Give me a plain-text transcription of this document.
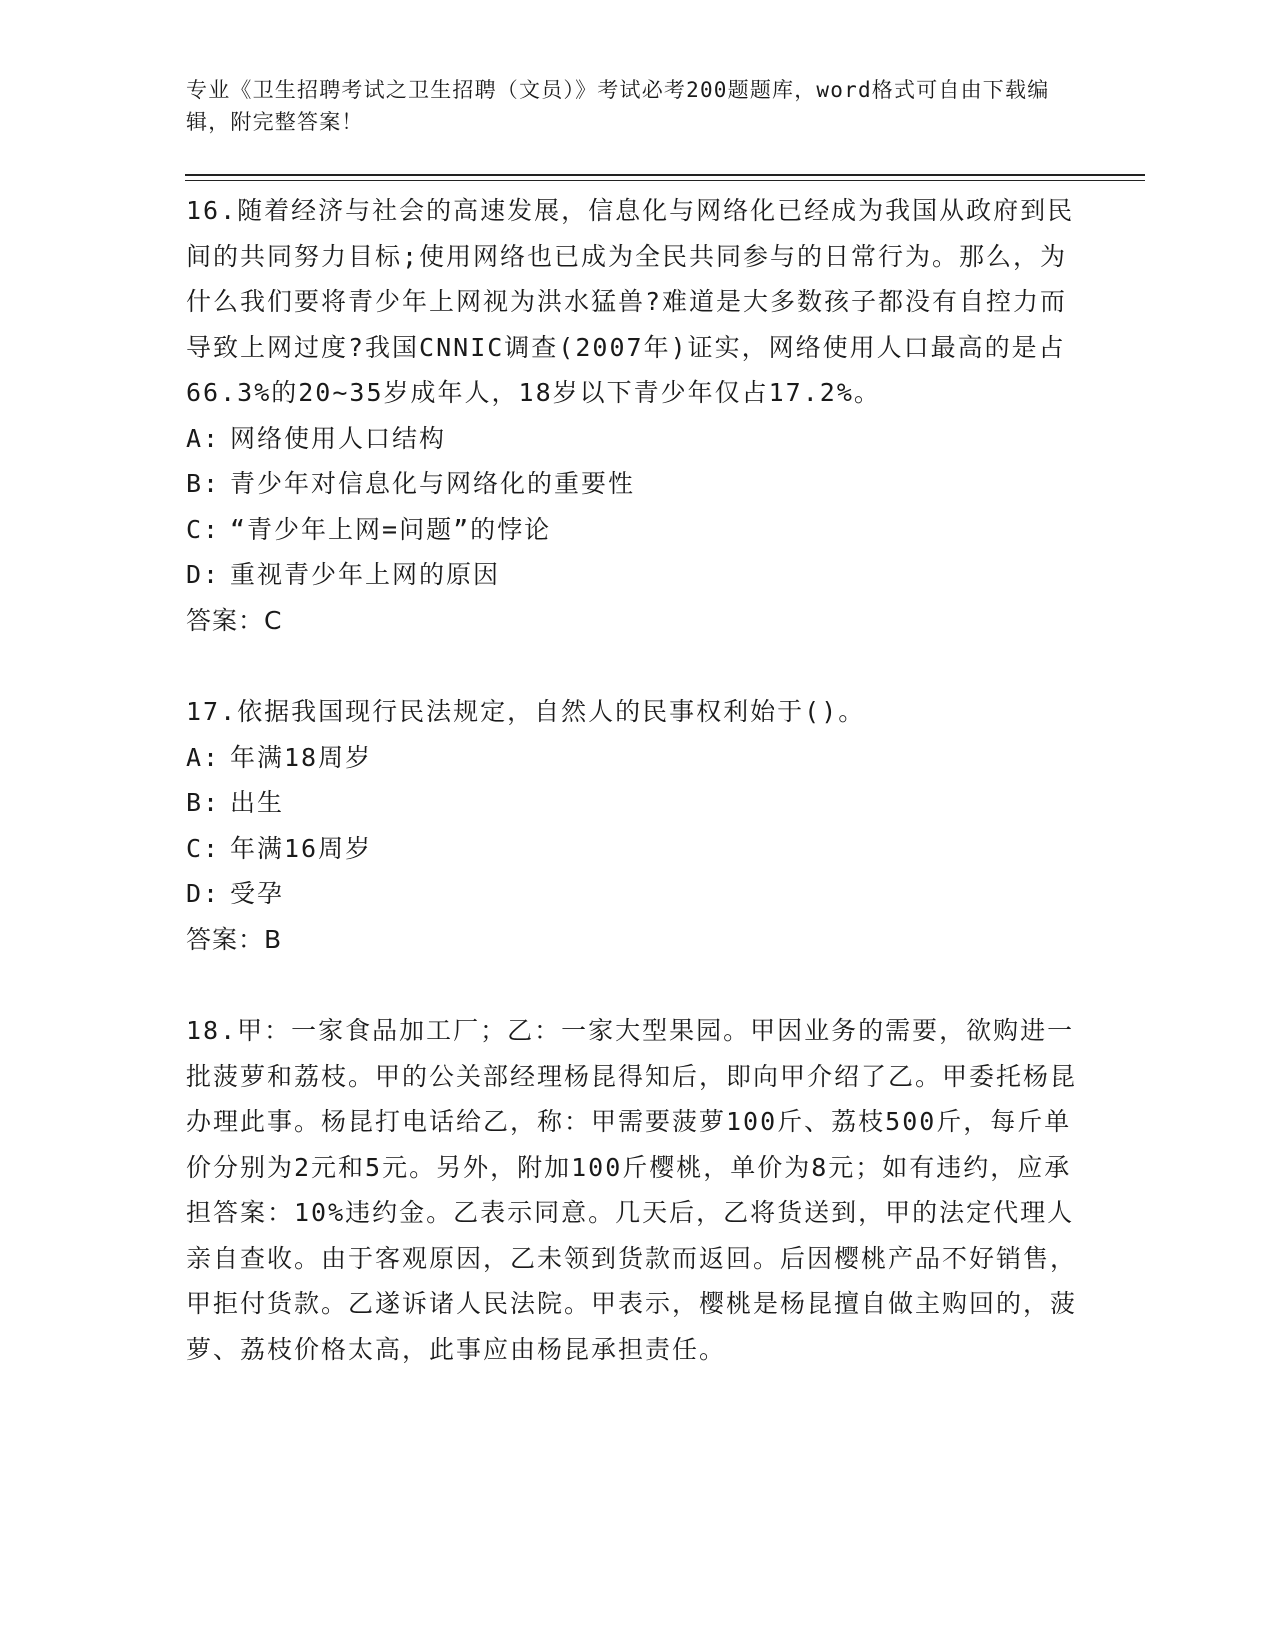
专业《卫生招聘考试之卫生招聘（文员）》考试必考200题题库，word格式可自由下载编辑，附完整答案！
16.随着经济与社会的高速发展，信息化与网络化已经成为我国从政府到民间的共同努力目标;使用网络也已成为全民共同参与的日常行为。那么，为什么我们要将青少年上网视为洪水猛兽?难道是大多数孩子都没有自控力而导致上网过度?我国CNNIC调查(2007年)证实，网络使用人口最高的是占66.3%的20~35岁成年人，18岁以下青少年仅占17.2%。
A: 网络使用人口结构
B: 青少年对信息化与网络化的重要性
C: “青少年上网=问题”的悖论
D: 重视青少年上网的原因
答案：C
17.依据我国现行民法规定，自然人的民事权利始于()。
A: 年满18周岁
B: 出生
C: 年满16周岁
D: 受孕
答案：B
18.甲：一家食品加工厂；乙：一家大型果园。甲因业务的需要，欲购进一批菠萝和荔枝。甲的公关部经理杨昆得知后，即向甲介绍了乙。甲委托杨昆办理此事。杨昆打电话给乙，称：甲需要菠萝100斤、荔枝500斤，每斤单价分别为2元和5元。另外，附加100斤樱桃，单价为8元；如有违约，应承担答案：10%违约金。乙表示同意。几天后，乙将货送到，甲的法定代理人亲自查收。由于客观原因，乙未领到货款而返回。后因樱桃产品不好销售，甲拒付货款。乙遂诉诸人民法院。甲表示，樱桃是杨昆擅自做主购回的，菠萝、荔枝价格太高，此事应由杨昆承担责任。
